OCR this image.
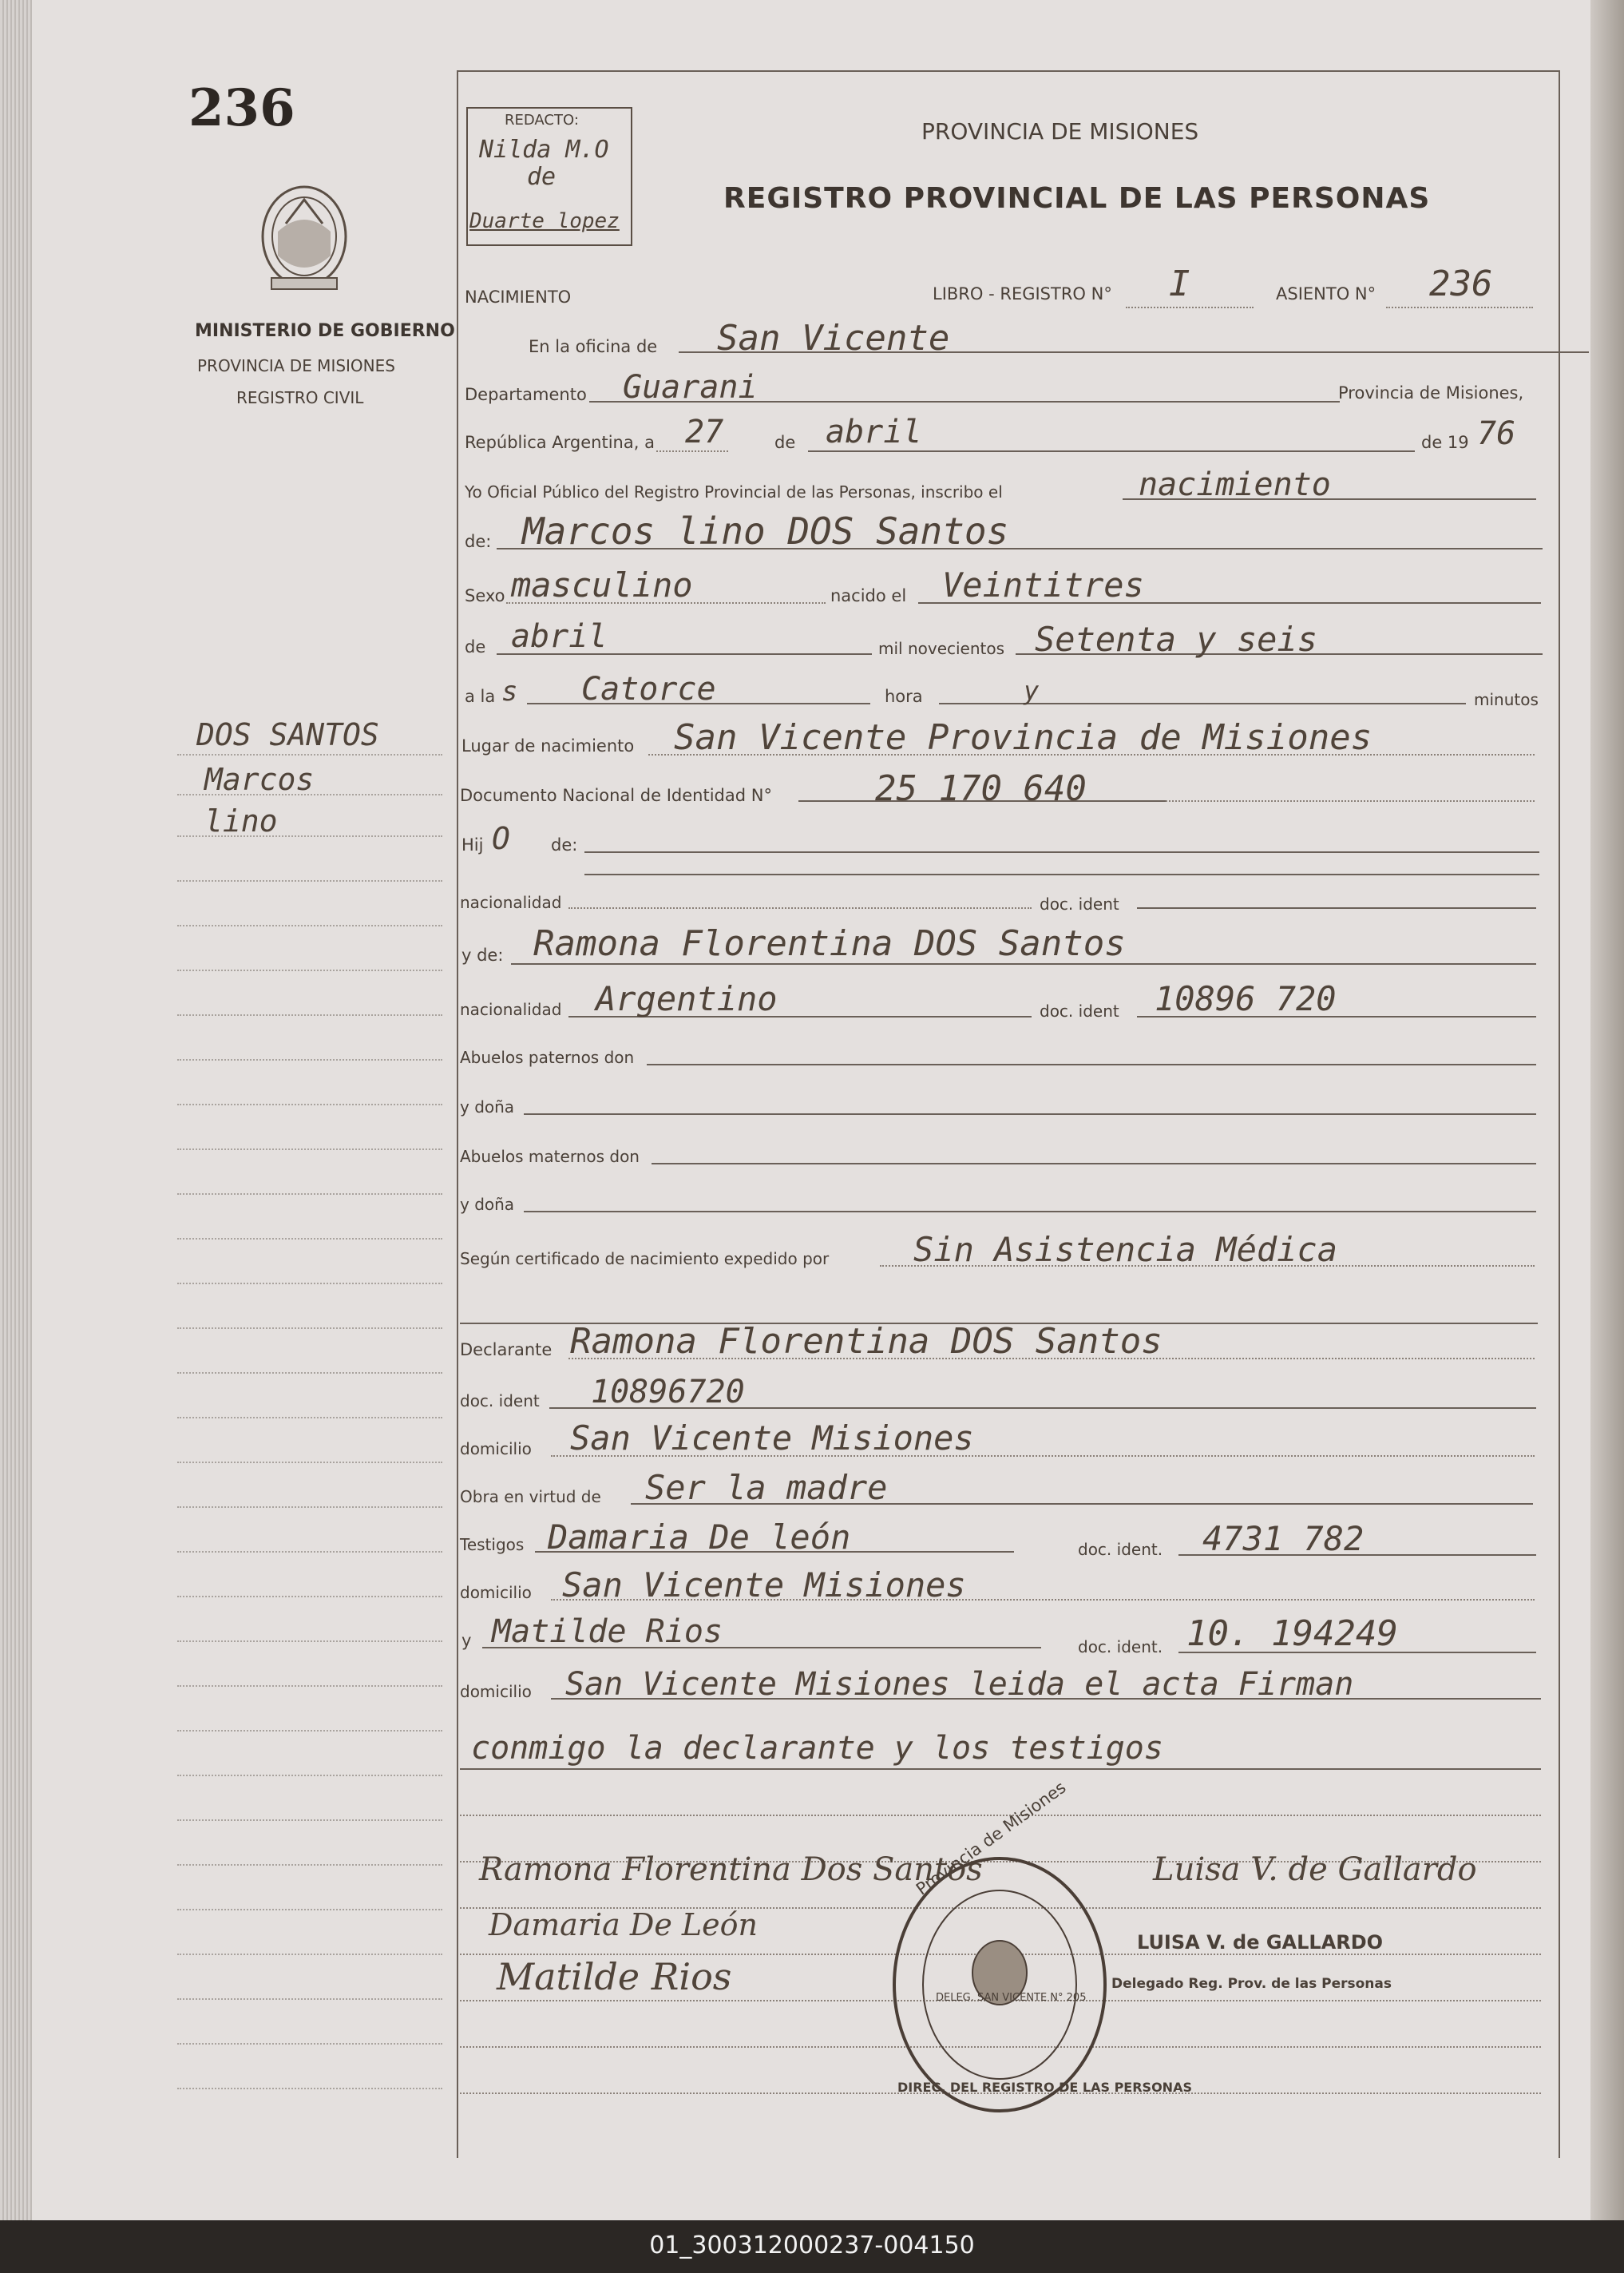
236
MINISTERIO DE GOBIERNO
PROVINCIA DE MISIONES
REGISTRO CIVIL
DOS SANTOS
Marcos
lino
REDACTO:
Nilda M.O
de
Duarte lopez
PROVINCIA DE MISIONES
REGISTRO PROVINCIAL DE LAS PERSONAS
NACIMIENTO	LIBRO - REGISTRO N° I	ASIENTO N° 236
En la oficina de San Vicente
Departamento Guarani	Provincia de Misiones,
República Argentina, a 27	de abril	de 19 76
Yo Oficial Público del Registro Provincial de las Personas, inscribo el	nacimiento
de: Marcos lino DOS Santos
Sexo masculino	nacido el Veintitres
de abril	mil novecientos Setenta y seis
a la s Catorce	hora	y	minutos
Lugar de nacimiento San Vicente Provincia de Misiones
Documento Nacional de Identidad N°	25 170 640
Hij O de:
nacionalidad	doc. ident
y de: Ramona Florentina DOS Santos
nacionalidad Argentino	doc. ident 10896 720
Abuelos paternos don
y doña
Abuelos maternos don
y doña
Según certificado de nacimiento expedido por	Sin Asistencia Médica
Declarante Ramona Florentina DOS Santos
doc. ident 10896720
domicilio San Vicente Misiones
Obra en virtud de Ser la madre
Testigos Damaria De león	doc. ident. 4731 782
domicilio San Vicente Misiones
y Matilde Rios	doc. ident. 10. 194249
domicilio San Vicente Misiones leida el acta Firman
conmigo la declarante y los testigos
Ramona Florentina Dos Santos
Damaria De León
Matilde Rios
Provincia de Misiones
DELEG. SAN VICENTE N° 205
DIREC. DEL REGISTRO DE LAS PERSONAS
Luisa V. de Gallardo
LUISA V. de GALLARDO
Delegado Reg. Prov. de las Personas
01_300312000237-004150
